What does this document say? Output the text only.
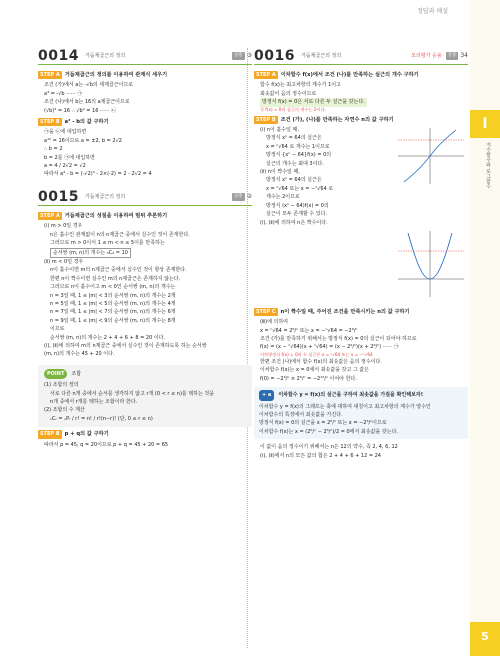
정답과 해설
0014 거듭제곱근의 정의	상중 ③
STEP A 거듭제곱근의 정의를 이용하여 관계식 세우기
조건 (가)에서 a는 -√b의 세제곱근이므로
a³ = -√b ······ ㉠
조건 (나)에서 b는 16의 a제곱근이므로
(√b)⁴ = 16 ∴ √b⁴ = 16 ······ ㉡
STEP B a³ - b의 값 구하기
㉠을 ㉡에 대입하면
a¹² = 16이므로 a = ±2, b = 2√2
∴ b = 2
b = 2를 ㉠에 대입하면
a = 4 / 2√2 = √2
따라서 a³ - b = (-√2)³ - 2×(-2) = 2 - 2√2 = 4
0015 거듭제곱근의 정의	상중 ②
STEP A 거듭제곱근의 성질을 이용하여 범위 추론하기
(ⅰ) m > 0일 경우
n은 홀수인 관계없이 n의 n제곱근 중에서 실수인 것이 존재한다.
그러므로 m > 0이서 1 ≤ m < n ≤ 5이를 만족하는
순서쌍 (m, n)의 개수는 ₅C₂ = 10
(ⅱ) m < 0일 경우
n이 홀수이면 m의 n제곱근 중에서 실수인 것이 항상 존재한다.
한편 n이 짝수이면 실수인 m의 n제곱근은 존재하지 않는다.
그러므로 n이 홀수이고 m < 0인 순서쌍 (m, n)의 개수는
n = 3일 때, 1 ≤ |m| < 3의 순서쌍 (m, n)의 개수는 2개
n = 5일 때, 1 ≤ |m| < 5의 순서쌍 (m, n)의 개수는 4개
n = 7일 때, 1 ≤ |m| < 7의 순서쌍 (m, n)의 개수는 6개
n = 9일 때, 1 ≤ |m| < 9의 순서쌍 (m, n)의 개수는 8개
이므로
순서쌍 (m, n)의 개수는 2 + 4 + 6 + 8 = 20 이다.
(ⅰ), (ⅱ)에 의하여 m의 n제곱근 중에서 실수인 것이 존재하도록 하는 순서쌍
(m, n)의 개수는 45 + 20 이다.
POINT	조합
(1) 조합의 정의
서로 다른 n개 중에서 순서를 생각하지 않고 r개 (0 < r ≤ n)를 택하는 것을
n개 중에서 r개를 택하는 조합이라 한다.
(2) 조합의 수 계산
ₙCᵣ = ₙPᵣ / r! = n! / r!(n−r)! (단, 0 ≤ r ≤ n)
STEP B p + q의 값 구하기
따라서 p = 45, q = 20이므로 p + q = 45 + 20 = 65
0016 거듭제곱근의 정의	모의평가 응용	상중 34
STEP A 이차함수 f(x)에서 조건 (나)를 만족하는 실근의 개수 구하기
함수 f(x)는 최고차항의 계수가 1이고
최솟값이 음의 정수이므로
방정식 f(x) = 0은 서로 다른 두 실근을 갖는다.
즉 f(x) = 0의 실근의 개수는 2이다.
STEP B 조건 (가), (나)를 만족하는 자연수 n의 값 구하기
(ⅰ) n이 홀수일 때,
방정식 xⁿ = 64의 실근은
x = ⁿ√64 로 개수는 1이므로
방정식 {xⁿ − 64}f(x) = 0의
실근의 개수는 최대 3이다.
(ⅱ) n이 짝수일 때,
방정식 xⁿ = 64의 실근은
x = ⁿ√64 또는 x = −ⁿ√64 로
개수는 2이므로
방정식 (xⁿ − 64)f(x) = 0의
실근이 모두 존재할 수 있다.
(ⅰ), (ⅱ)에 의하여 n은 짝수이다.

STEP C n이 짝수일 때, 주어진 조건을 만족시키는 n의 값 구하기
(ⅲ)에 의하여
x = ⁿ√64 = 2⁶/ⁿ 또는 x = −ⁿ√64 = −2⁶/ⁿ
조건 (가)를 만족하기 위해서는 방정식 f(x) = 0의 실근이 되어야 하므로
f(x) = (x − ⁿ√64)(x + ⁿ√64) = (x − 2⁶/ⁿ)(x + 2⁶/ⁿ) ······ ㉠
이차방정식 f(x) = 0의 두 실근은 x = ⁿ√64 또는 x = −ⁿ√64
한편 조건 (나)에서 함수 f(x)의 최솟값은 음의 정수이다.
이차함수 f(x)는 x = 0에서 최솟값을 갖고 그 값은
f(0) = −2⁶/ⁿ × 2⁶/ⁿ = −2¹²/ⁿ 이어야 한다.
+ a	이차함수 y = f(x)의 실근을 구하여 최솟값을 가질을 확인해보자!
이차함수 y = f(x)의 그래프는 축에 대하여 대칭이고 최고차항의 계수가 양수인
이차함수의 특징에서 최솟값을 가진다.
방정식 f(x) = 0의 실근을 x = 2⁶/ⁿ 또는 x = −2⁶/ⁿ이므로
이차함수 f(x)는 x = (2⁶/ⁿ − 2⁶/ⁿ)/2 = 0에서 최솟값을 갖는다.
이 값이 음의 정수이기 위해서는 n은 12의 약수, 즉 2, 4, 6, 12
(ⅰ), (ⅱ)에서 n의 모든 값의 합은 2 + 4 + 6 + 12 = 24
I
지수함수와 로그함수
5
